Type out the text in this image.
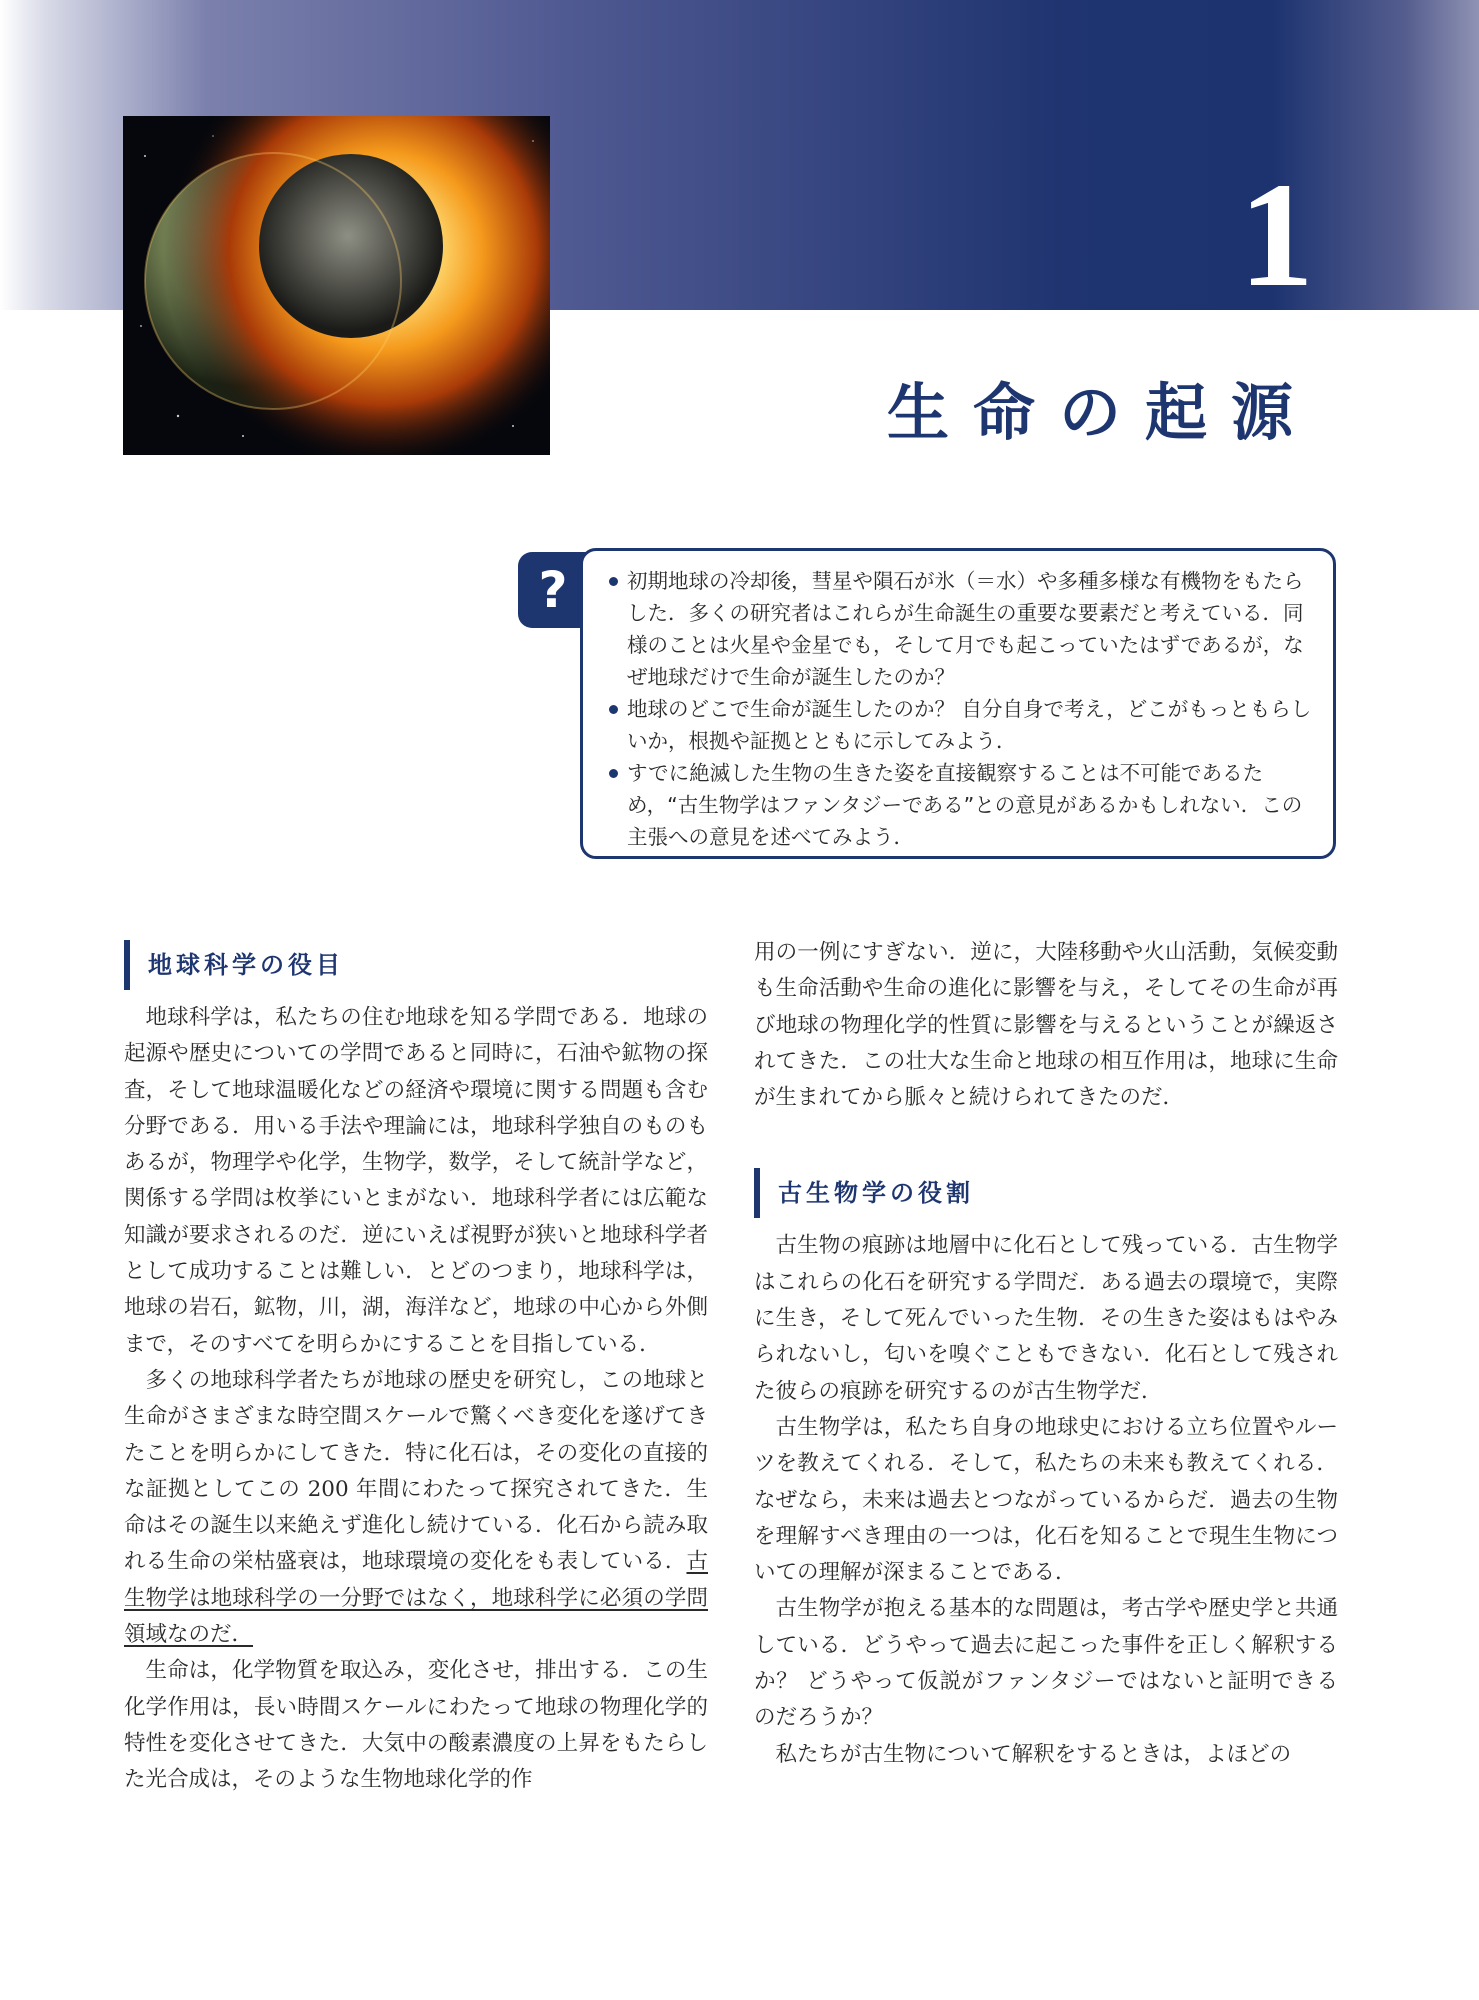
1
生命の起源
初期地球の冷却後，彗星や隕石が氷（＝水）や多種多様な有機物をもたらした．多くの研究者はこれらが生命誕生の重要な要素だと考えている．同様のことは火星や金星でも，そして月でも起こっていたはずであるが，なぜ地球だけで生命が誕生したのか？
地球のどこで生命が誕生したのか？ 自分自身で考え，どこがもっともらしいか，根拠や証拠とともに示してみよう．
すでに絶滅した生物の生きた姿を直接観察することは不可能であるため，“古生物学はファンタジーである”との意見があるかもしれない．この主張への意見を述べてみよう．
?
地球科学の役目

地球科学は，私たちの住む地球を知る学問である．地球の起源や歴史についての学問であると同時に，石油や鉱物の探査，そして地球温暖化などの経済や環境に関する問題も含む分野である．用いる手法や理論には，地球科学独自のものもあるが，物理学や化学，生物学，数学，そして統計学など，関係する学問は枚挙にいとまがない．地球科学者には広範な知識が要求されるのだ．逆にいえば視野が狭いと地球科学者として成功することは難しい．とどのつまり，地球科学は，地球の岩石，鉱物，川，湖，海洋など，地球の中心から外側まで，そのすべてを明らかにすることを目指している．

多くの地球科学者たちが地球の歴史を研究し，この地球と生命がさまざまな時空間スケールで驚くべき変化を遂げてきたことを明らかにしてきた．特に化石は，その変化の直接的な証拠としてこの 200 年間にわたって探究されてきた．生命はその誕生以来絶えず進化し続けている．化石から読み取れる生命の栄枯盛衰は，地球環境の変化をも表している．古生物学は地球科学の一分野ではなく，地球科学に必須の学問領域なのだ．

生命は，化学物質を取込み，変化させ，排出する．この生化学作用は，長い時間スケールにわたって地球の物理化学的特性を変化させてきた．大気中の酸素濃度の上昇をもたらした光合成は，そのような生物地球化学的作

用の一例にすぎない．逆に，大陸移動や火山活動，気候変動も生命活動や生命の進化に影響を与え，そしてその生命が再び地球の物理化学的性質に影響を与えるということが繰返されてきた．この壮大な生命と地球の相互作用は，地球に生命が生まれてから脈々と続けられてきたのだ．

古生物学の役割

古生物の痕跡は地層中に化石として残っている．古生物学はこれらの化石を研究する学問だ．ある過去の環境で，実際に生き，そして死んでいった生物．その生きた姿はもはやみられないし，匂いを嗅ぐこともできない．化石として残された彼らの痕跡を研究するのが古生物学だ．

古生物学は，私たち自身の地球史における立ち位置やルーツを教えてくれる．そして，私たちの未来も教えてくれる．なぜなら，未来は過去とつながっているからだ．過去の生物を理解すべき理由の一つは，化石を知ることで現生生物についての理解が深まることである．

古生物学が抱える基本的な問題は，考古学や歴史学と共通している．どうやって過去に起こった事件を正しく解釈するか？ どうやって仮説がファンタジーではないと証明できるのだろうか？

私たちが古生物について解釈をするときは，よほどの
